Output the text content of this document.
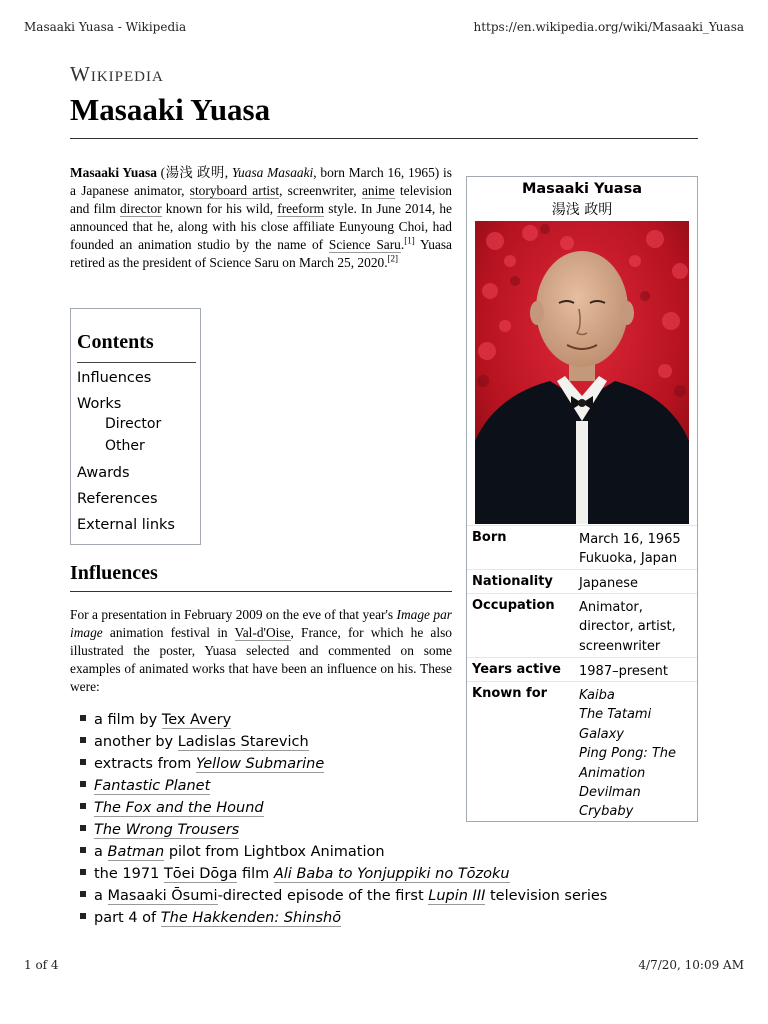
Masaaki Yuasa - Wikipedia	https://en.wikipedia.org/wiki/Masaaki_Yuasa
Wikipedia
Masaaki Yuasa

Masaaki Yuasa (湯浅 政明, Yuasa Masaaki, born March 16, 1965) is a Japanese animator, storyboard artist, screenwriter, anime television and film director known for his wild, freeform style. In June 2014, he announced that he, along with his close affiliate Eunyoung Choi, had founded an animation studio by the name of Science Saru.[1] Yuasa retired as the president of Science Saru on March 25, 2020.[2]

Contents
Influences
Works
Director
Other
Awards
References
External links
Influences

For a presentation in February 2009 on the eve of that year's Image par image animation festival in Val-d'Oise, France, for which he also illustrated the poster, Yuasa selected and commented on some examples of animated works that have been an influence on his. These were:

a film by Tex Avery
another by Ladislas Starevich
extracts from Yellow Submarine
Fantastic Planet
The Fox and the Hound
The Wrong Trousers
a Batman pilot from Lightbox Animation
the 1971 Tōei Dōga film Ali Baba to Yonjuppiki no Tōzoku
a Masaaki Ōsumi-directed episode of the first Lupin III television series
part 4 of The Hakkenden: Shinshō
Masaaki Yuasa
湯浅 政明
Born	March 16, 1965
Fukuoka, Japan
Nationality Japanese
Occupation Animator,
director, artist,
screenwriter
Years active 1987–present
Known for Kaiba
The Tatami
Galaxy
Ping Pong: The
Animation
Devilman
Crybaby
1 of 4	4/7/20, 10:09 AM
